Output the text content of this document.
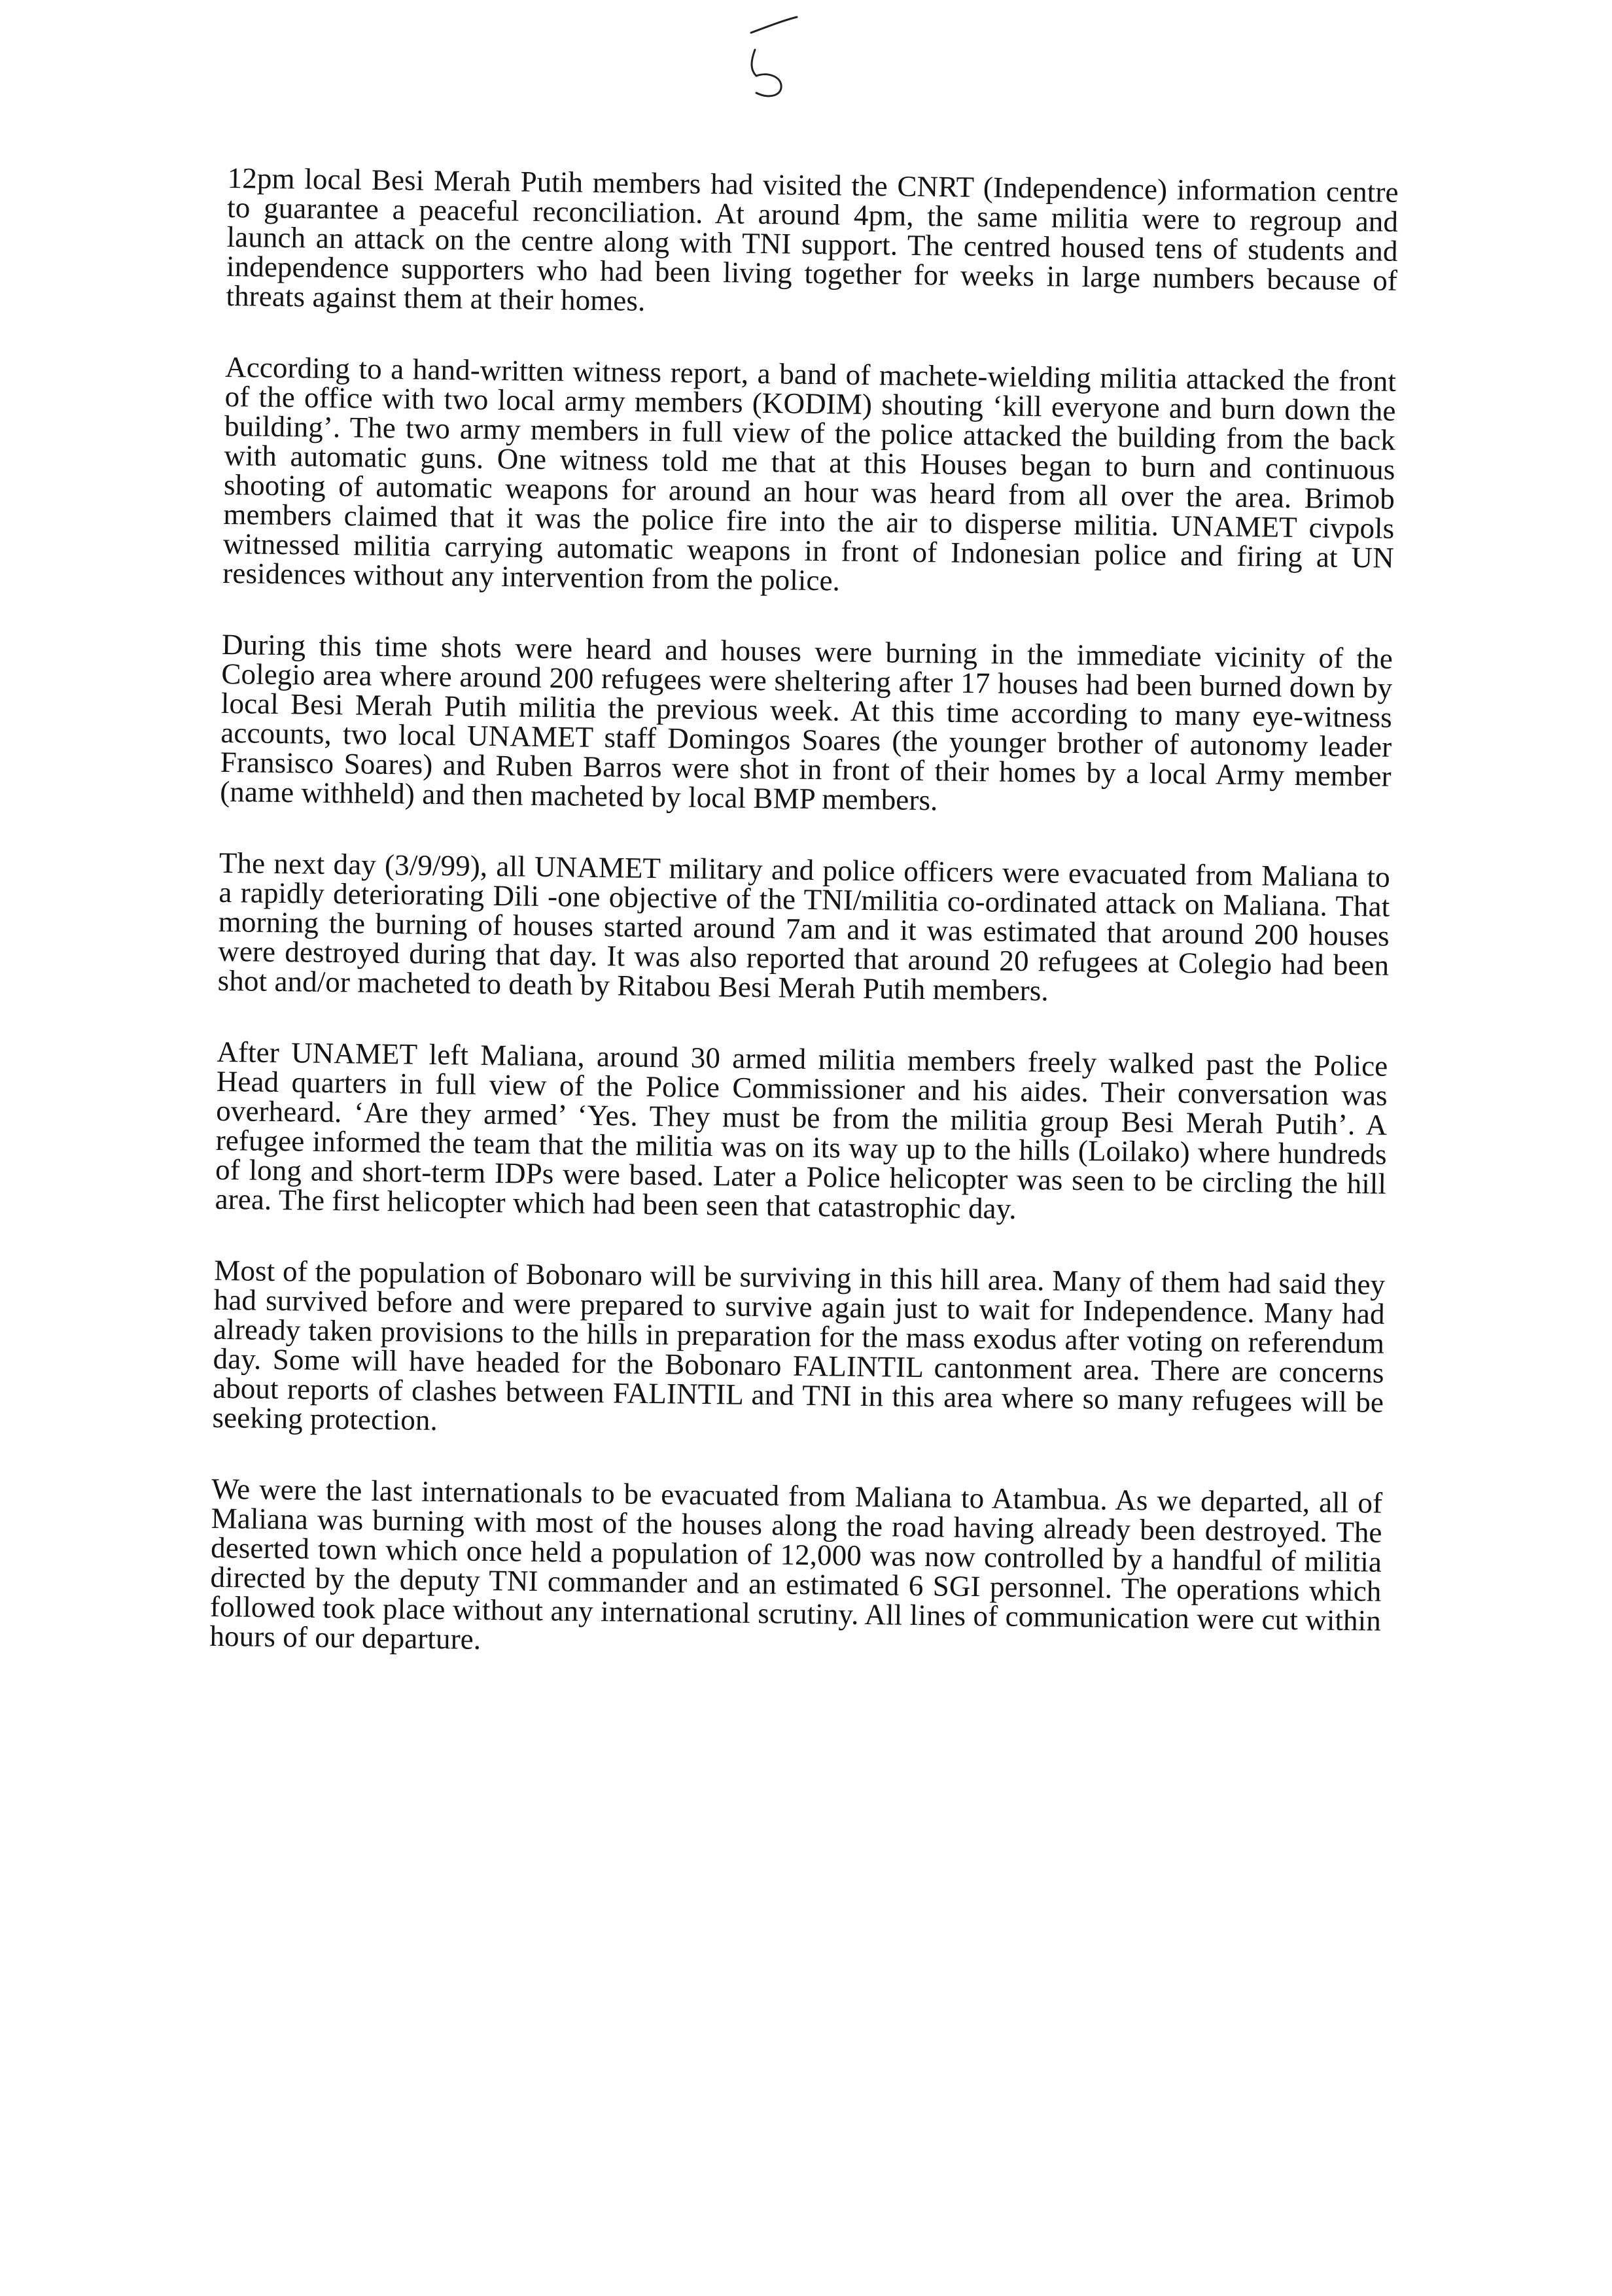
12pm local Besi Merah Putih members had visited the CNRT (Independence) information centre to guarantee a peaceful reconciliation. At around 4pm, the same militia were to regroup and launch an attack on the centre along with TNI support. The centred housed tens of students and independence supporters who had been living together for weeks in large numbers because of threats against them at their homes.

According to a hand-written witness report, a band of machete-wielding militia attacked the front of the office with two local army members (KODIM) shouting ‘kill everyone and burn down the building’. The two army members in full view of the police attacked the building from the back with automatic guns. One witness told me that at this Houses began to burn and continuous shooting of automatic weapons for around an hour was heard from all over the area. Brimob members claimed that it was the police fire into the air to disperse militia. UNAMET civpols witnessed militia carrying automatic weapons in front of Indonesian police and firing at UN residences without any intervention from the police.

During this time shots were heard and houses were burning in the immediate vicinity of the Colegio area where around 200 refugees were sheltering after 17 houses had been burned down by local Besi Merah Putih militia the previous week. At this time according to many eye-witness accounts, two local UNAMET staff Domingos Soares (the younger brother of autonomy leader Fransisco Soares) and Ruben Barros were shot in front of their homes by a local Army member (name withheld) and then macheted by local BMP members.

The next day (3/9/99), all UNAMET military and police officers were evacuated from Maliana to a rapidly deteriorating Dili -one objective of the TNI/militia co-ordinated attack on Maliana. That morning the burning of houses started around 7am and it was estimated that around 200 houses were destroyed during that day. It was also reported that around 20 refugees at Colegio had been shot and/or macheted to death by Ritabou Besi Merah Putih members.

After UNAMET left Maliana, around 30 armed militia members freely walked past the Police Head quarters in full view of the Police Commissioner and his aides. Their conversation was overheard. ‘Are they armed’ ‘Yes. They must be from the militia group Besi Merah Putih’. A refugee informed the team that the militia was on its way up to the hills (Loilako) where hundreds of long and short-term IDPs were based. Later a Police helicopter was seen to be circling the hill area. The first helicopter which had been seen that catastrophic day.

Most of the population of Bobonaro will be surviving in this hill area. Many of them had said they had survived before and were prepared to survive again just to wait for Independence. Many had already taken provisions to the hills in preparation for the mass exodus after voting on referendum day. Some will have headed for the Bobonaro FALINTIL cantonment area. There are concerns about reports of clashes between FALINTIL and TNI in this area where so many refugees will be seeking protection.

We were the last internationals to be evacuated from Maliana to Atambua. As we departed, all of Maliana was burning with most of the houses along the road having already been destroyed. The deserted town which once held a population of 12,000 was now controlled by a handful of militia directed by the deputy TNI commander and an estimated 6 SGI personnel. The operations which followed took place without any international scrutiny. All lines of communication were cut within hours of our departure.
